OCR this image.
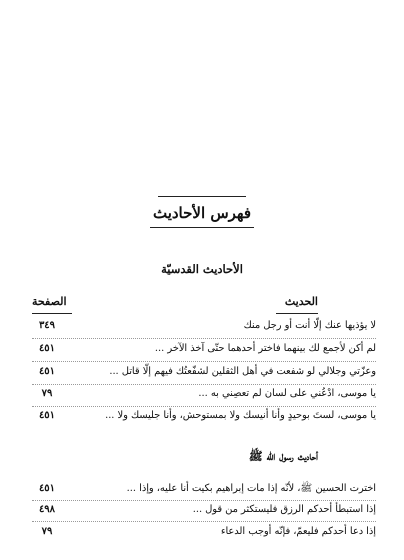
فهرس الأحاديث
الأحاديث القدسيّة
الحديث
الصفحة
لا يؤذيها عنك إلّا أنت أو رجل منك
٣٤٩
لم أكن لأجمع لك بينهما فاختر أحدهما حتّى آخذ الآخر ...
٤٥١
وعزّتي وجلالي لو شفعت في أهل الثقلين لشفّعتُك فيهم إلّا قاتل ...
٤٥١
يا موسى، ادْعُني على لسان لم تعصِني به ...
٧٩
يا موسى، لستَ بوحيدٍ وأنا أنيسك ولا بمستوحش، وأنا جليسك ولا ...
٤٥١
أحاديث رسول الله ﷺ
اخترت الحسين ﷺ، لأنّه إذا مات إبراهيم بكيت أنا عليه، وإذا ...
٤٥١
إذا استبطأ أحدكم الرزق فليستكثر من قول ...
٤٩٨
إذا دعا أحدكم فليعمّ، فإنّه أوجب الدعاء
٧٩
